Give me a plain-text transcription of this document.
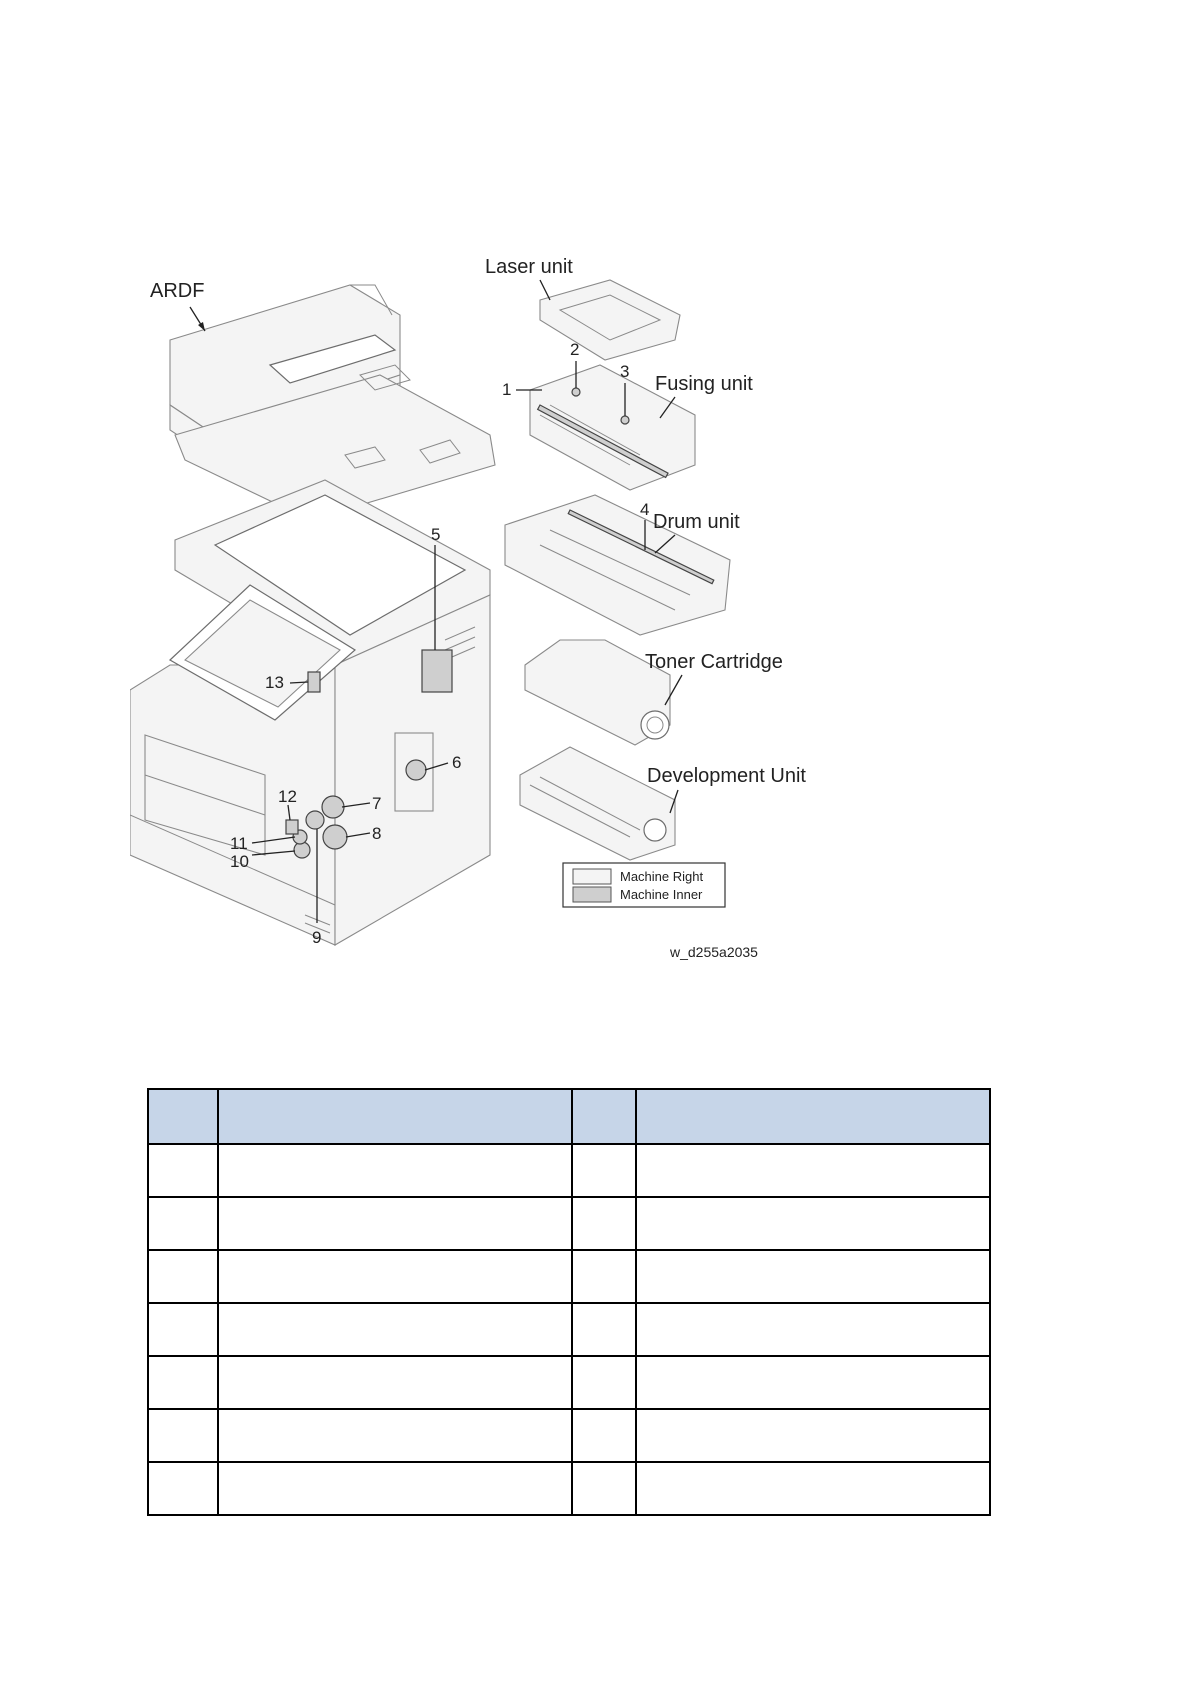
ARDF
5
6
7
8
9
10
11
12
13
Laser unit
1
2
3
Fusing unit
4
Drum unit
Toner Cartridge
Development Unit
Machine Right
Machine Inner
w_d255a2035
